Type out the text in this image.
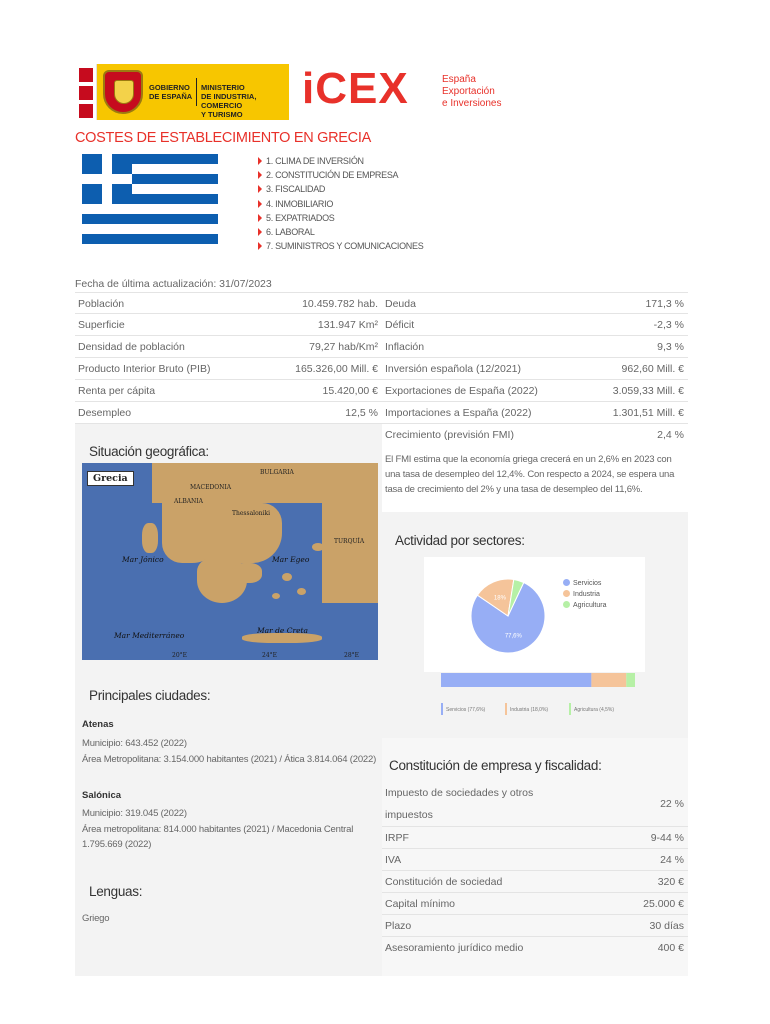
GOBIERNO
DE ESPAÑA
MINISTERIO
DE INDUSTRIA, COMERCIO
Y TURISMO
iCEX	España
Exportación
e Inversiones
COSTES DE ESTABLECIMIENTO EN GRECIA
1. CLIMA DE INVERSIÓN
2. CONSTITUCIÓN DE EMPRESA
3. FISCALIDAD
4. INMOBILIARIO
5. EXPATRIADOS
6. LABORAL
7. SUMINISTROS Y COMUNICACIONES
Fecha de última actualización: 31/07/2023
Población	10.459.782 hab.
Superficie	131.947 Km²
Densidad de población	79,27 hab/Km²
Producto Interior Bruto (PIB)	165.326,00 Mill. €
Renta per cápita	15.420,00 €
Desempleo	12,5 %
Deuda	171,3 %
Déficit	-2,3 %
Inflación	9,3 %
Inversión española (12/2021)	962,60 Mill. €
Exportaciones de España (2022)	3.059,33 Mill. €
Importaciones a España (2022)	1.301,51 Mill. €
Crecimiento (previsión FMI)	2,4 %
El FMI estima que la economía griega crecerá en un 2,6% en 2023 con una tasa de desempleo del 12,4%. Con respecto a 2024, se espera una tasa de crecimiento del 2% y una tasa de desempleo del 11,6%.
Situación geográfica:
Grecia
BULGARIA
MACEDONIA
ALBANIA
TURQUÍA
Thessaloniki
Mar Jónico	Mar Egeo
Mar de Creta
Mar Mediterráneo
20°E	24°E	28°E
Actividad por sectores:
77,6%
18%
Servicios
Industria
Agricultura
Servicios (77,6%)	Industria (18,0%)	Agricultura (4,5%)
Principales ciudades:
Atenas
Municipio: 643.452 (2022)
Área Metropolitana: 3.154.000 habitantes (2021) / Ática 3.814.064 (2022)
Salónica
Municipio: 319.045 (2022)
Área metropolitana: 814.000 habitantes (2021) / Macedonia Central 1.795.669 (2022)
Lenguas:
Griego
Constitución de empresa y fiscalidad:
Impuesto de sociedades y otros impuestos
22 %
IRPF	9-44 %
IVA	24 %
Constitución de sociedad	320 €
Capital mínimo	25.000 €
Plazo	30 días
Asesoramiento jurídico medio	400 €
